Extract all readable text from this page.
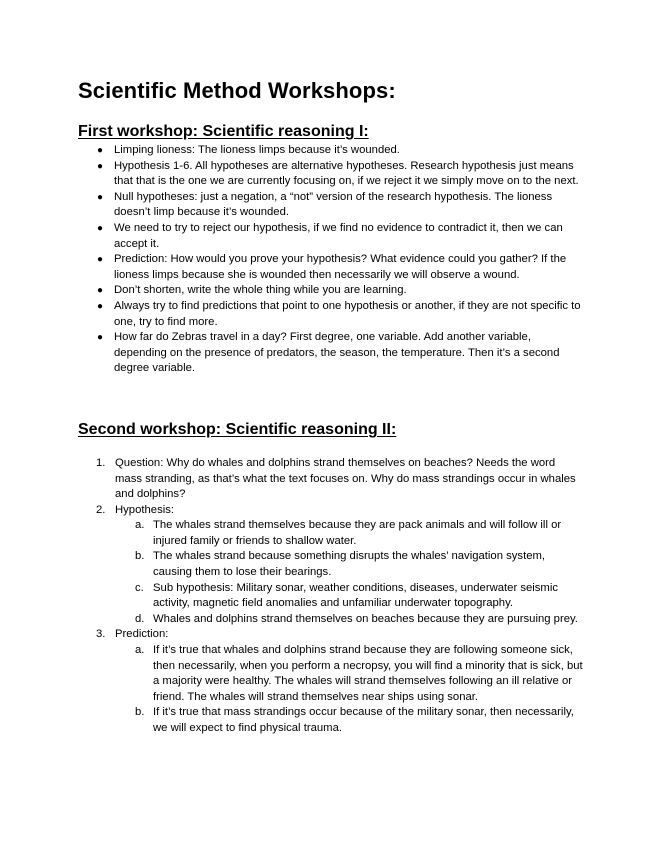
Scientific Method Workshops:
First workshop: Scientific reasoning I:
● Limping lioness: The lioness limps because it’s wounded.
● Hypothesis 1-6. All hypotheses are alternative hypotheses. Research hypothesis just means that that is the one we are currently focusing on, if we reject it we simply move on to the next.
● Null hypotheses: just a negation, a “not” version of the research hypothesis. The lioness doesn’t limp because it’s wounded.
● We need to try to reject our hypothesis, if we find no evidence to contradict it, then we can accept it.
● Prediction: How would you prove your hypothesis? What evidence could you gather? If the lioness limps because she is wounded then necessarily we will observe a wound.
● Don’t shorten, write the whole thing while you are learning.
● Always try to find predictions that point to one hypothesis or another, if they are not specific to one, try to find more.
● How far do Zebras travel in a day? First degree, one variable. Add another variable, depending on the presence of predators, the season, the temperature. Then it’s a second degree variable.
Second workshop: Scientific reasoning II:
1. Question: Why do whales and dolphins strand themselves on beaches? Needs the word mass stranding, as that’s what the text focuses on. Why do mass strandings occur in whales and dolphins?
2. Hypothesis:
a. The whales strand themselves because they are pack animals and will follow ill or injured family or friends to shallow water.
b. The whales strand because something disrupts the whales’ navigation system, causing them to lose their bearings.
c. Sub hypothesis: Military sonar, weather conditions, diseases, underwater seismic activity, magnetic field anomalies and unfamiliar underwater topography.
d. Whales and dolphins strand themselves on beaches because they are pursuing prey.
3. Prediction:
a. If it’s true that whales and dolphins strand because they are following someone sick, then necessarily, when you perform a necropsy, you will find a minority that is sick, but a majority were healthy. The whales will strand themselves following an ill relative or friend. The whales will strand themselves near ships using sonar.
b. If it’s true that mass strandings occur because of the military sonar, then necessarily, we will expect to find physical trauma.
